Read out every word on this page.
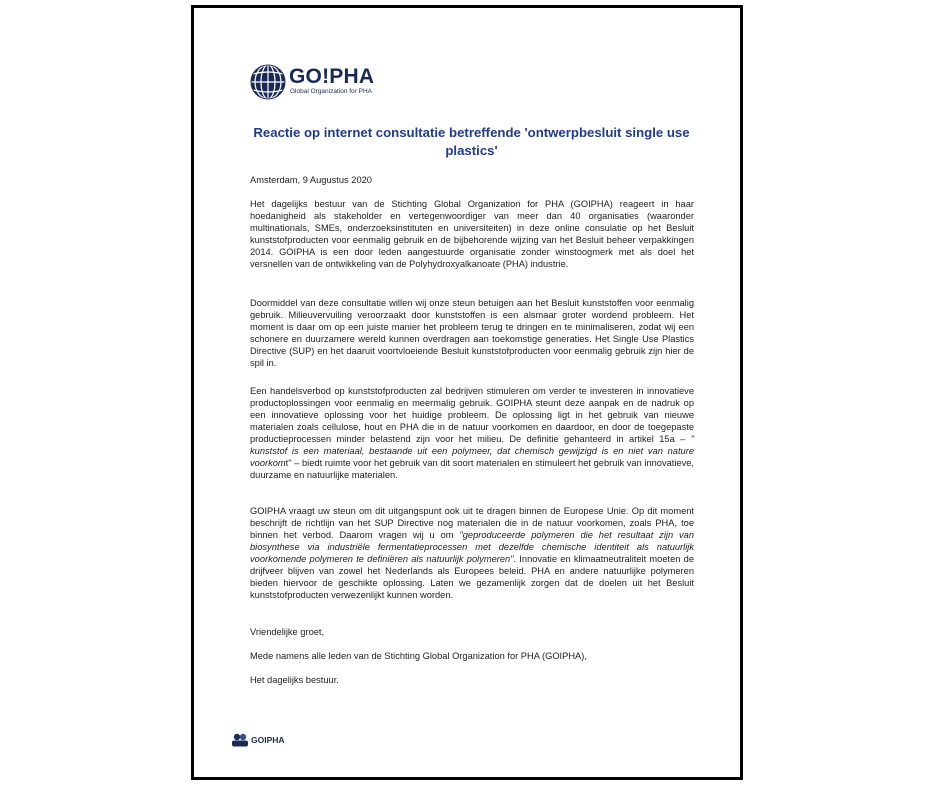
GO!PHA
Global Organization for PHA
Reactie op internet consultatie betreffende 'ontwerpbesluit single use plastics'
Amsterdam, 9 Augustus 2020
Het dagelijks bestuur van de Stichting Global Organization for PHA (GOIPHA) reageert in haar hoedanigheid als stakeholder en vertegenwoordiger van meer dan 40 organisaties (waaronder multinationals, SMEs, onderzoeksinstituten en universiteiten) in deze online consulatie op het Besluit kunststofproducten voor eenmalig gebruik en de bijbehorende wijzing van het Besluit beheer verpakkingen 2014. GOIPHA is een door leden aangestuurde organisatie zonder winstoogmerk met als doel het versnellen van de ontwikkeling van de Polyhydroxyalkanoate (PHA) industrie.
Doormiddel van deze consultatie willen wij onze steun betuigen aan het Besluit kunststoffen voor eenmalig gebruik. Milieuvervuiling veroorzaakt door kunststoffen is een alsmaar groter wordend probleem. Het moment is daar om op een juiste manier het probleem terug te dringen en te minimaliseren, zodat wij een schonere en duurzamere wereld kunnen overdragen aan toekomstige generaties. Het Single Use Plastics Directive (SUP) en het daaruit voortvloeiende Besluit kunststofproducten voor eenmalig gebruik zijn hier de spil in.
Een handelsverbod op kunststofproducten zal bedrijven stimuleren om verder te investeren in innovatieve productoplossingen voor eenmalig en meermalig gebruik. GOIPHA steunt deze aanpak en de nadruk op een innovatieve oplossing voor het huidige probleem. De oplossing ligt in het gebruik van nieuwe materialen zoals cellulose, hout en PHA die in de natuur voorkomen en daardoor, en door de toegepaste productieprocessen minder belastend zijn voor het milieu. De definitie gehanteerd in artikel 15a – " kunststof is een materiaal, bestaande uit een polymeer, dat chemisch gewijzigd is en niet van nature voorkomt" – biedt ruimte voor het gebruik van dit soort materialen en stimuleert het gebruik van innovatieve, duurzame en natuurlijke materialen.
GOIPHA vraagt uw steun om dit uitgangspunt ook uit te dragen binnen de Europese Unie. Op dit moment beschrijft de richtlijn van het SUP Directive nog materialen die in de natuur voorkomen, zoals PHA, toe binnen het verbod. Daarom vragen wij u om "geproduceerde polymeren die het resultaat zijn van biosynthese via industriële fermentatieprocessen met dezelfde chemische identiteit als natuurlijk voorkomende polymeren te definiëren als natuurlijk polymeren". Innovatie en klimaatneutraliteit moeten de drijfveer blijven van zowel het Nederlands als Europees beleid. PHA en andere natuurlijke polymeren bieden hiervoor de geschikte oplossing. Laten we gezamenlijk zorgen dat de doelen uit het Besluit kunststofproducten verwezenlijkt kunnen worden.
Vriendelijke groet,
Mede namens alle leden van de Stichting Global Organization for PHA (GOIPHA),
Het dagelijks bestuur.
GOIPHA
